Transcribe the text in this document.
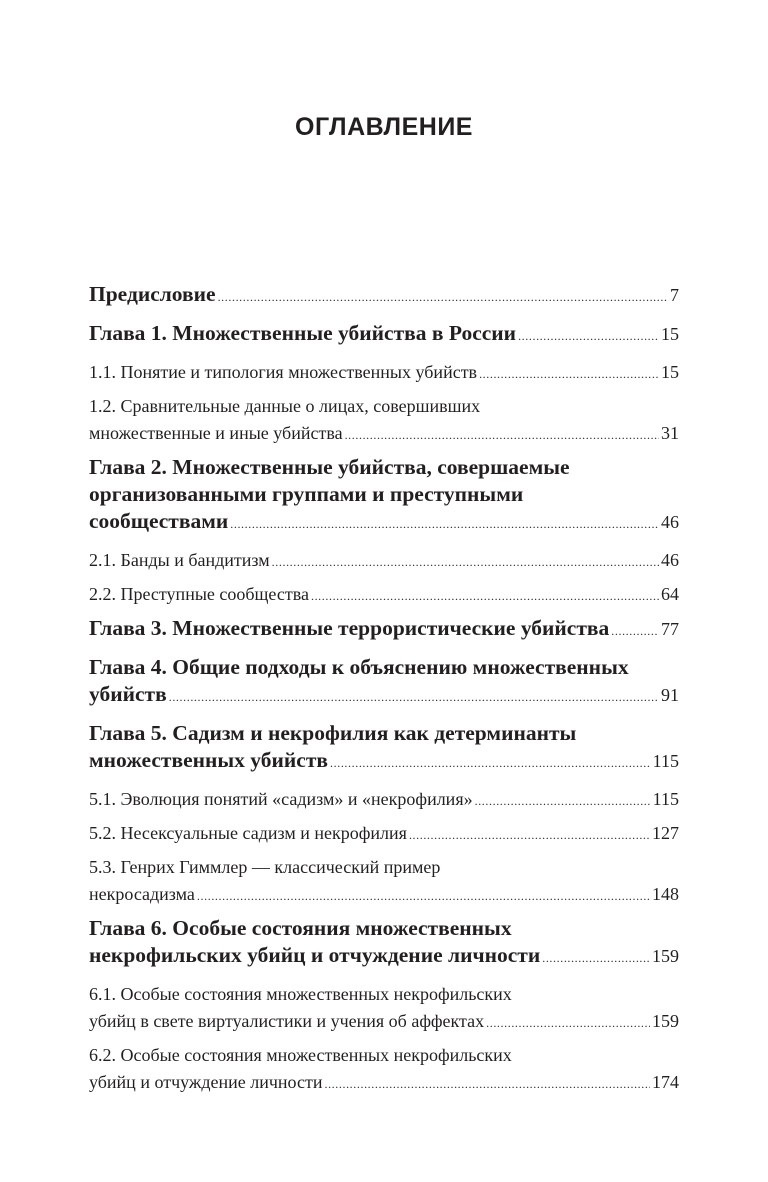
ОГЛАВЛЕНИЕ
Предисловие .....	7
Глава 1. Множественные убийства в России .....	15
1.1. Понятие и типология множественных убийств .....	15
1.2. Сравнительные данные о лицах, совершивших
множественные и иные убийства .....	31
Глава 2. Множественные убийства, совершаемые
организованными группами и преступными
сообществами .....	46
2.1. Банды и бандитизм .....	46
2.2. Преступные сообщества .....	64
Глава 3. Множественные террористические убийства .....	77
Глава 4. Общие подходы к объяснению множественных
убийств .....	91
Глава 5. Садизм и некрофилия как детерминанты
множественных убийств .....	115
5.1. Эволюция понятий «садизм» и «некрофилия» .....	115
5.2. Несексуальные садизм и некрофилия .....	127
5.3. Генрих Гиммлер — классический пример
некросадизма .....	148
Глава 6. Особые состояния множественных
некрофильских убийц и отчуждение личности .....	159
6.1. Особые состояния множественных некрофильских
убийц в свете виртуалистики и учения об аффектах .....	159
6.2. Особые состояния множественных некрофильских
убийц и отчуждение личности .....	174
